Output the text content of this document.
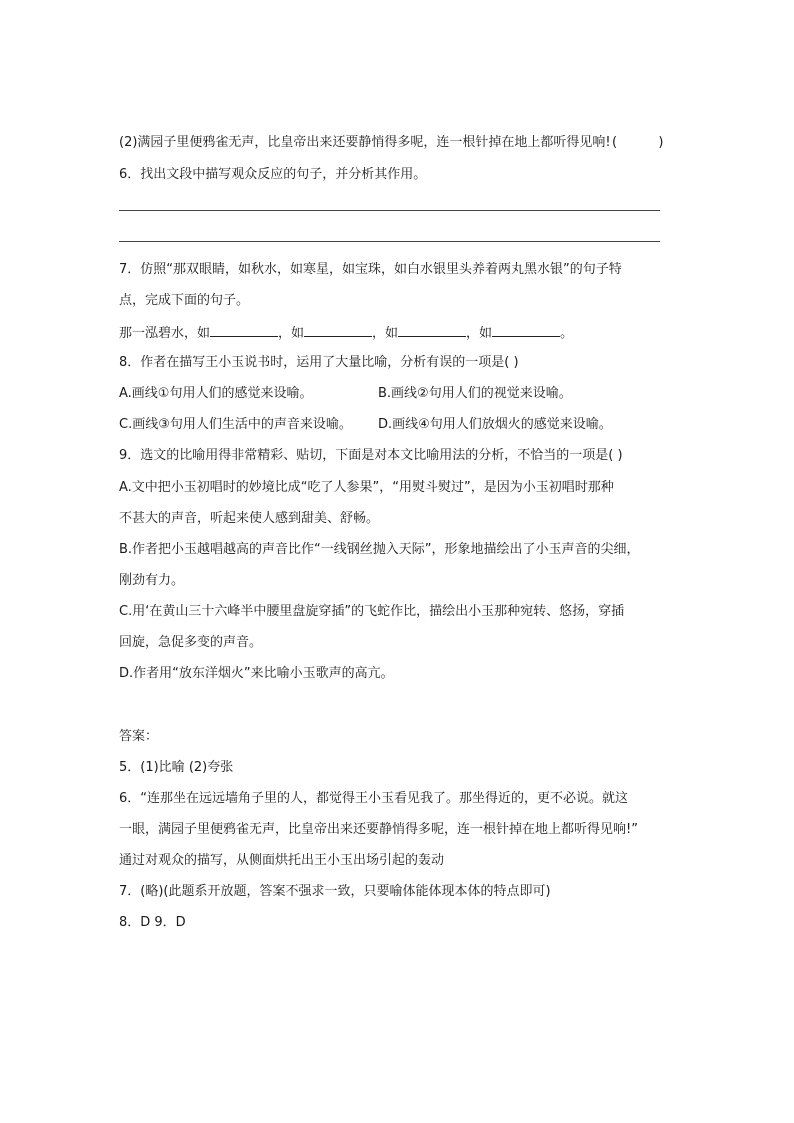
(2)满园子里便鸦雀无声，比皇帝出来还要静悄得多呢，连一根针掉在地上都听得见响! (          )
6．找出文段中描写观众反应的句子，并分析其作用。
7．仿照“那双眼睛，如秋水，如寒星，如宝珠，如白水银里头养着两丸黑水银”的句子特
点，完成下面的句子。
那一泓碧水，如	，如	，如	，如	。
8．作者在描写王小玉说书时，运用了大量比喻，分析有误的一项是( )
A.画线①句用人们的感觉来设喻。	B.画线②句用人们的视觉来设喻。
C.画线③句用人们生活中的声音来设喻。 D.画线④句用人们放烟火的感觉来设喻。
9．选文的比喻用得非常精彩、贴切，下面是对本文比喻用法的分析，不恰当的一项是( )
A.文中把小玉初唱时的妙境比成“吃了人参果”，“用熨斗熨过”，是因为小玉初唱时那种
不甚大的声音，听起来使人感到甜美、舒畅。
B.作者把小玉越唱越高的声音比作“一线钢丝抛入天际”，形象地描绘出了小玉声音的尖细，
刚劲有力。
C.用‘在黄山三十六峰半中腰里盘旋穿插”的飞蛇作比，描绘出小玉那种宛转、悠扬，穿插
回旋，急促多变的声音。
D.作者用“放东洋烟火”来比喻小玉歌声的高亢。
答案：
5．(1)比喻 (2)夸张
6．“连那坐在远远墙角子里的人，都觉得王小玉看见我了。那坐得近的，更不必说。就这
一眼，满园子里便鸦雀无声，比皇帝出来还要静悄得多呢，连一根针掉在地上都听得见响!”
通过对观众的描写，从侧面烘托出王小玉出场引起的轰动
7．(略)(此题系开放题，答案不强求一致，只要喻体能体现本体的特点即可)
8．D 9．D
